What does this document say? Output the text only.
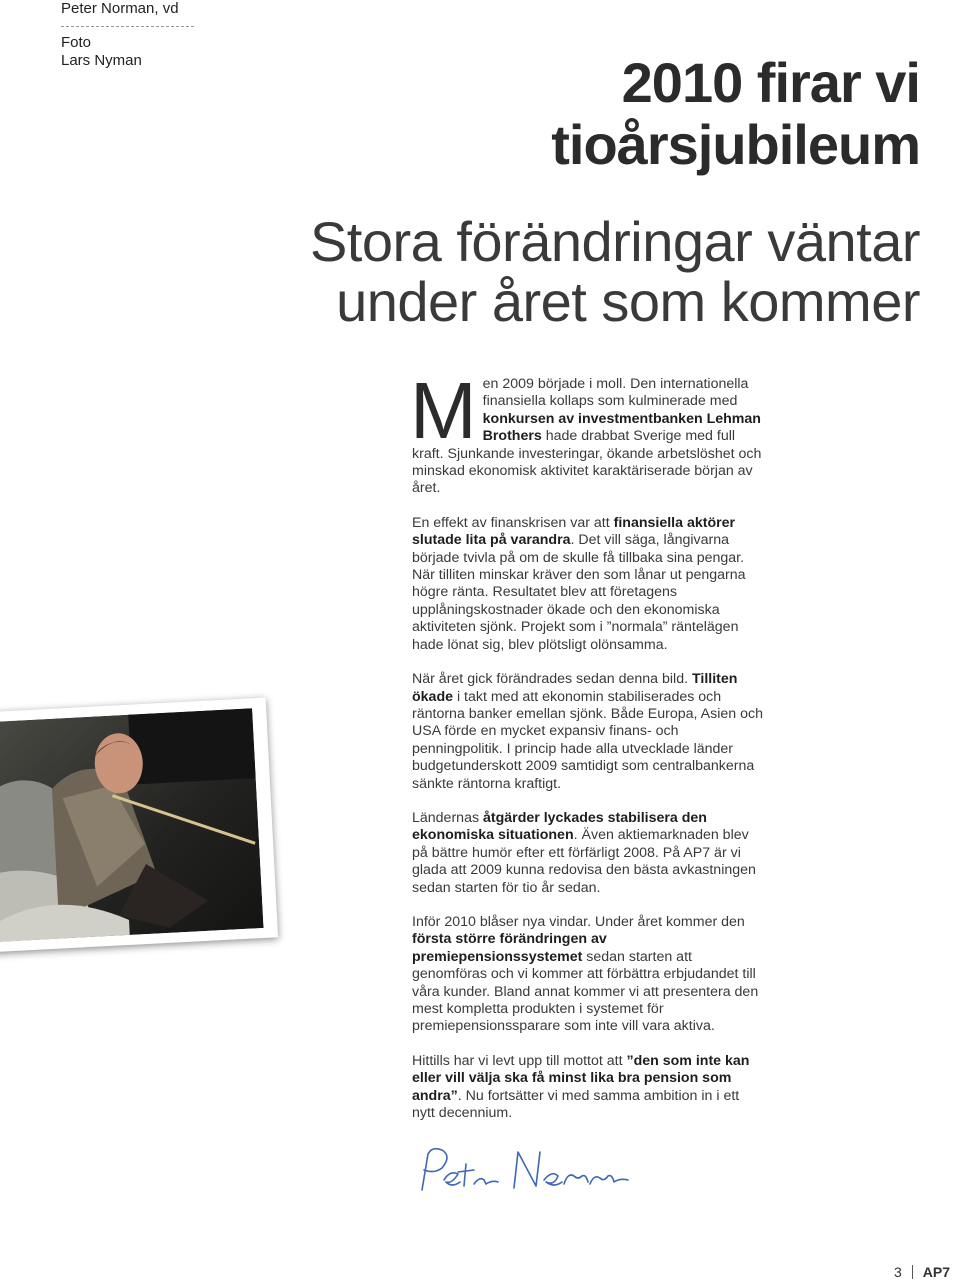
Peter Norman, vd
Foto
Lars Nyman	2010 firar vi
tioårsjubileum
Stora förändringar väntar
under året som kommer

Men 2009 började i moll. Den internationella finansiella kollaps som kulminerade med konkursen av investmentbanken Lehman Brothers hade drabbat Sverige med full kraft. Sjunkande investeringar, ökande arbetslöshet och minskad ekonomisk aktivitet karaktäriserade början av året.

En effekt av finanskrisen var att finansiella aktörer slutade lita på varandra. Det vill säga, långivarna började tvivla på om de skulle få tillbaka sina pengar. När tilliten minskar kräver den som lånar ut pengarna högre ränta. Resultatet blev att företagens upplåningskostnader ökade och den ekonomiska aktiviteten sjönk. Projekt som i ”normala” räntelägen hade lönat sig, blev plötsligt olönsamma.

När året gick förändrades sedan denna bild. Tilliten ökade i takt med att ekonomin stabiliserades och räntorna banker emellan sjönk. Både Europa, Asien och USA förde en mycket expansiv finans- och penningpolitik. I princip hade alla utvecklade länder budgetunderskott 2009 samtidigt som centralbankerna sänkte räntorna kraftigt.

Ländernas åtgärder lyckades stabilisera den ekonomiska situationen. Även aktiemarknaden blev på bättre humör efter ett förfärligt 2008. På AP7 är vi glada att 2009 kunna redovisa den bästa avkastningen sedan starten för tio år sedan.

Inför 2010 blåser nya vindar. Under året kommer den första större förändringen av premiepensionssystemet sedan starten att genomföras och vi kommer att förbättra erbjudandet till våra kunder. Bland annat kommer vi att presentera den mest kompletta produkten i systemet för premiepensionssparare som inte vill vara aktiva.

Hittills har vi levt upp till mottot att ”den som inte kan eller vill välja ska få minst lika bra pension som andra”. Nu fortsätter vi med samma ambition in i ett nytt decennium.

3 AP7
